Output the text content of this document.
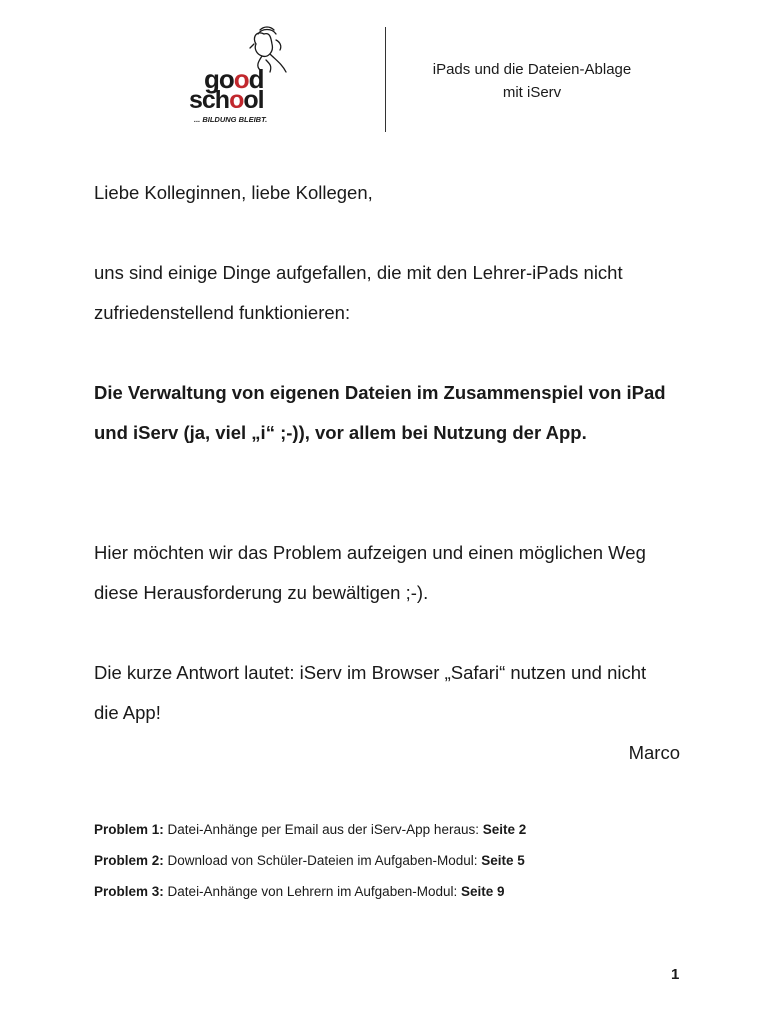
good
school
... BILDUNG BLEIBT.
iPads und die Dateien-Ablage
mit iServ

Liebe Kolleginnen, liebe Kollegen,

uns sind einige Dinge aufgefallen, die mit den Lehrer-iPads nicht zufriedenstellend funktionieren:

Die Verwaltung von eigenen Dateien im Zusammenspiel von iPad und iServ (ja, viel „i“ ;-)), vor allem bei Nutzung der App.

Hier möchten wir das Problem aufzeigen und einen möglichen Weg diese Herausforderung zu bewältigen ;-).

Die kurze Antwort lautet: iServ im Browser „Safari“ nutzen und nicht die App!

Marco
Problem 1: Datei-Anhänge per Email aus der iServ-App heraus: Seite 2
Problem 2: Download von Schüler-Dateien im Aufgaben-Modul: Seite 5
Problem 3: Datei-Anhänge von Lehrern im Aufgaben-Modul: Seite 9
1
